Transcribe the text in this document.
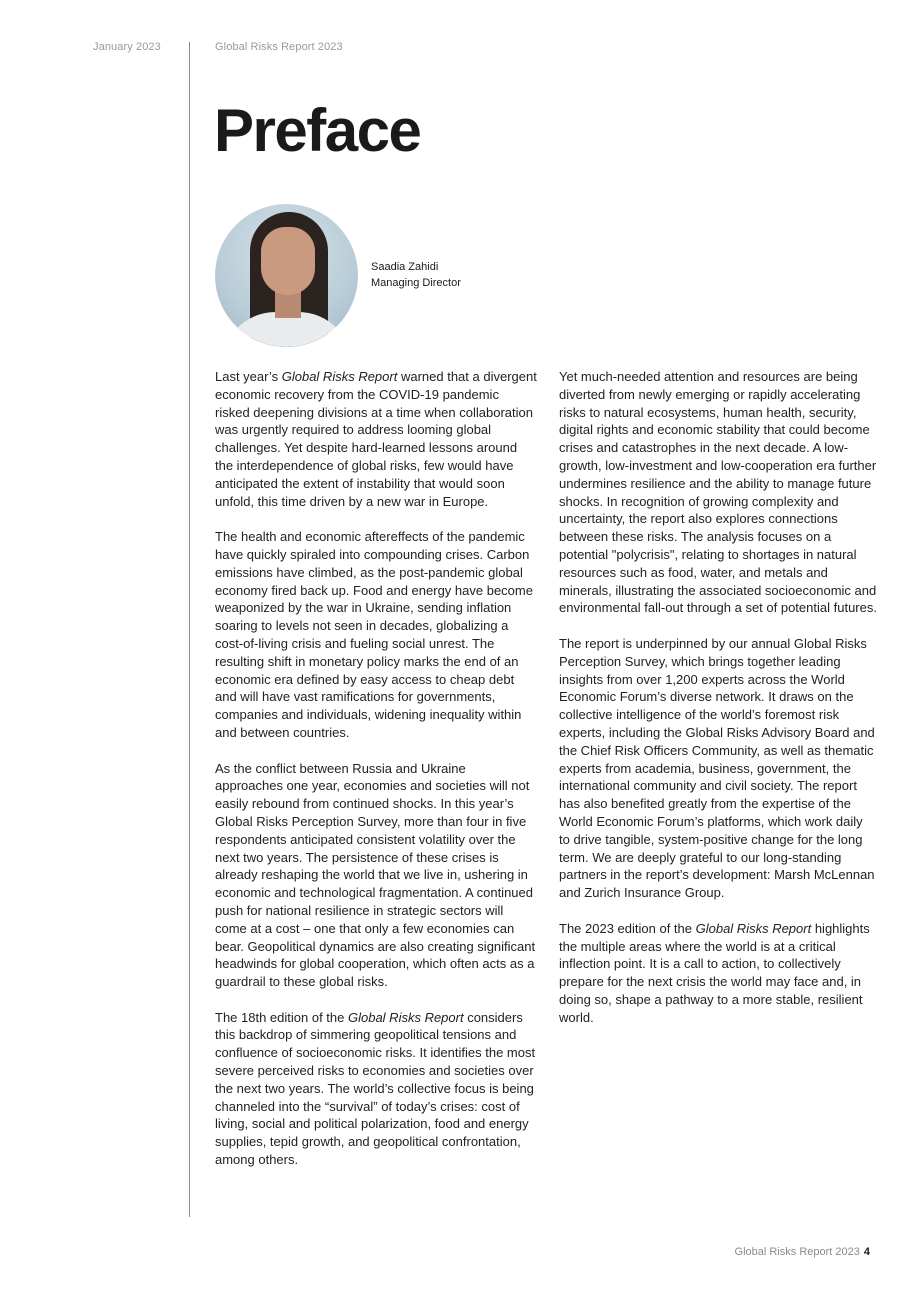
January 2023	Global Risks Report 2023
Preface
Saadia Zahidi
Managing Director

Last year’s Global Risks Report warned that a divergent economic recovery from the COVID-19 pandemic risked deepening divisions at a time when collaboration was urgently required to address looming global challenges. Yet despite hard-learned lessons around the interdependence of global risks, few would have anticipated the extent of instability that would soon unfold, this time driven by a new war in Europe.

The health and economic aftereffects of the pandemic have quickly spiraled into compounding crises. Carbon emissions have climbed, as the post-pandemic global economy fired back up. Food and energy have become weaponized by the war in Ukraine, sending inflation soaring to levels not seen in decades, globalizing a cost-of-living crisis and fueling social unrest. The resulting shift in monetary policy marks the end of an economic era defined by easy access to cheap debt and will have vast ramifications for governments, companies and individuals, widening inequality within and between countries.

As the conflict between Russia and Ukraine approaches one year, economies and societies will not easily rebound from continued shocks. In this year’s Global Risks Perception Survey, more than four in five respondents anticipated consistent volatility over the next two years. The persistence of these crises is already reshaping the world that we live in, ushering in economic and technological fragmentation. A continued push for national resilience in strategic sectors will come at a cost – one that only a few economies can bear. Geopolitical dynamics are also creating significant headwinds for global cooperation, which often acts as a guardrail to these global risks.

The 18th edition of the Global Risks Report considers this backdrop of simmering geopolitical tensions and confluence of socioeconomic risks. It identifies the most severe perceived risks to economies and societies over the next two years. The world’s collective focus is being channeled into the “survival” of today’s crises: cost of living, social and political polarization, food and energy supplies, tepid growth, and geopolitical confrontation, among others.

Yet much-needed attention and resources are being diverted from newly emerging or rapidly accelerating risks to natural ecosystems, human health, security, digital rights and economic stability that could become crises and catastrophes in the next decade. A low-growth, low-investment and low-cooperation era further undermines resilience and the ability to manage future shocks. In recognition of growing complexity and uncertainty, the report also explores connections between these risks. The analysis focuses on a potential "polycrisis", relating to shortages in natural resources such as food, water, and metals and minerals, illustrating the associated socioeconomic and environmental fall-out through a set of potential futures.

The report is underpinned by our annual Global Risks Perception Survey, which brings together leading insights from over 1,200 experts across the World Economic Forum’s diverse network. It draws on the collective intelligence of the world’s foremost risk experts, including the Global Risks Advisory Board and the Chief Risk Officers Community, as well as thematic experts from academia, business, government, the international community and civil society. The report has also benefited greatly from the expertise of the World Economic Forum’s platforms, which work daily to drive tangible, system-positive change for the long term. We are deeply grateful to our long-standing partners in the report’s development: Marsh McLennan and Zurich Insurance Group.

The 2023 edition of the Global Risks Report highlights the multiple areas where the world is at a critical inflection point. It is a call to action, to collectively prepare for the next crisis the world may face and, in doing so, shape a pathway to a more stable, resilient world.

Global Risks Report 2023 4
